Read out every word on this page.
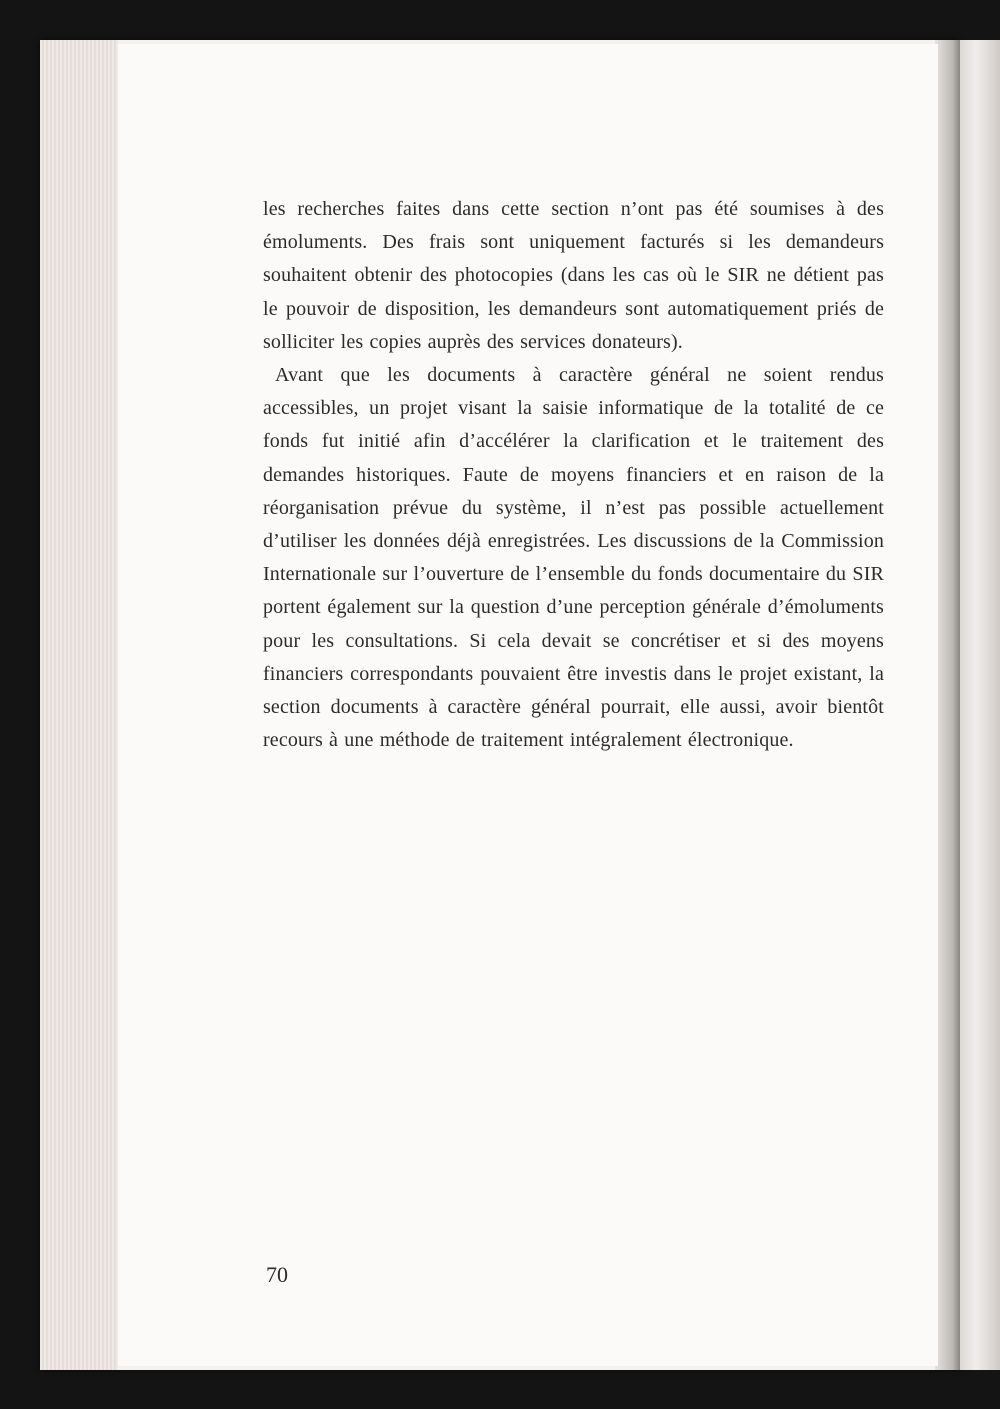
les recherches faites dans cette section n’ont pas été soumises à des émoluments. Des frais sont uniquement facturés si les demandeurs souhaitent obtenir des photocopies (dans les cas où le SIR ne détient pas le pouvoir de disposition, les demandeurs sont automatiquement priés de solliciter les copies auprès des services donateurs).

Avant que les documents à caractère général ne soient rendus accessibles, un projet visant la saisie informatique de la totalité de ce fonds fut initié afin d’accélérer la clarification et le traitement des demandes historiques. Faute de moyens financiers et en raison de la réorganisation prévue du système, il n’est pas possible actuellement d’utiliser les données déjà enregistrées. Les discussions de la Commission Internationale sur l’ouverture de l’ensemble du fonds documentaire du SIR portent également sur la question d’une perception générale d’émoluments pour les consultations. Si cela devait se concrétiser et si des moyens financiers correspondants pouvaient être investis dans le projet existant, la section documents à caractère général pourrait, elle aussi, avoir bientôt recours à une méthode de traitement intégralement électronique.

70
